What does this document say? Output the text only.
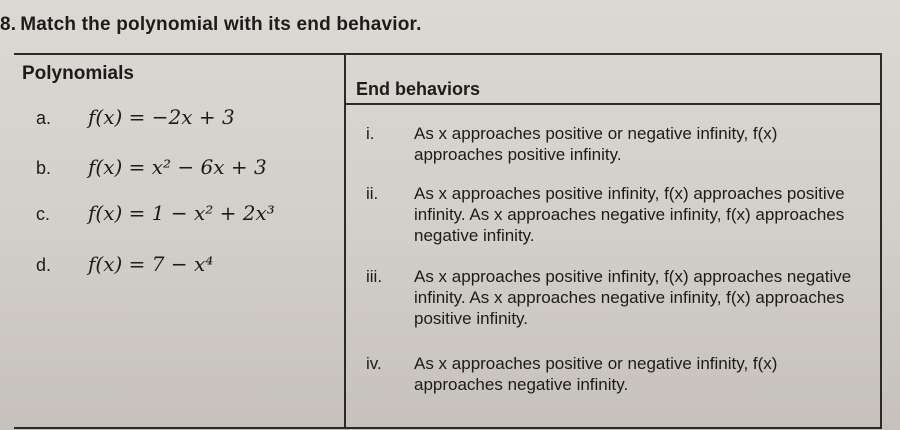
8. Match the polynomial with its end behavior.
Polynomials
End behaviors
a. f(x) = −2x + 3
b. f(x) = x² − 6x + 3
c. f(x) = 1 − x² + 2x³
d. f(x) = 7 − x⁴
i.	As x approaches positive or negative infinity, f(x) approaches positive infinity.
ii.	As x approaches positive infinity, f(x) approaches positive infinity. As x approaches negative infinity, f(x) approaches negative infinity.
iii.	As x approaches positive infinity, f(x) approaches negative infinity. As x approaches negative infinity, f(x) approaches positive infinity.
iv.	As x approaches positive or negative infinity, f(x) approaches negative infinity.
